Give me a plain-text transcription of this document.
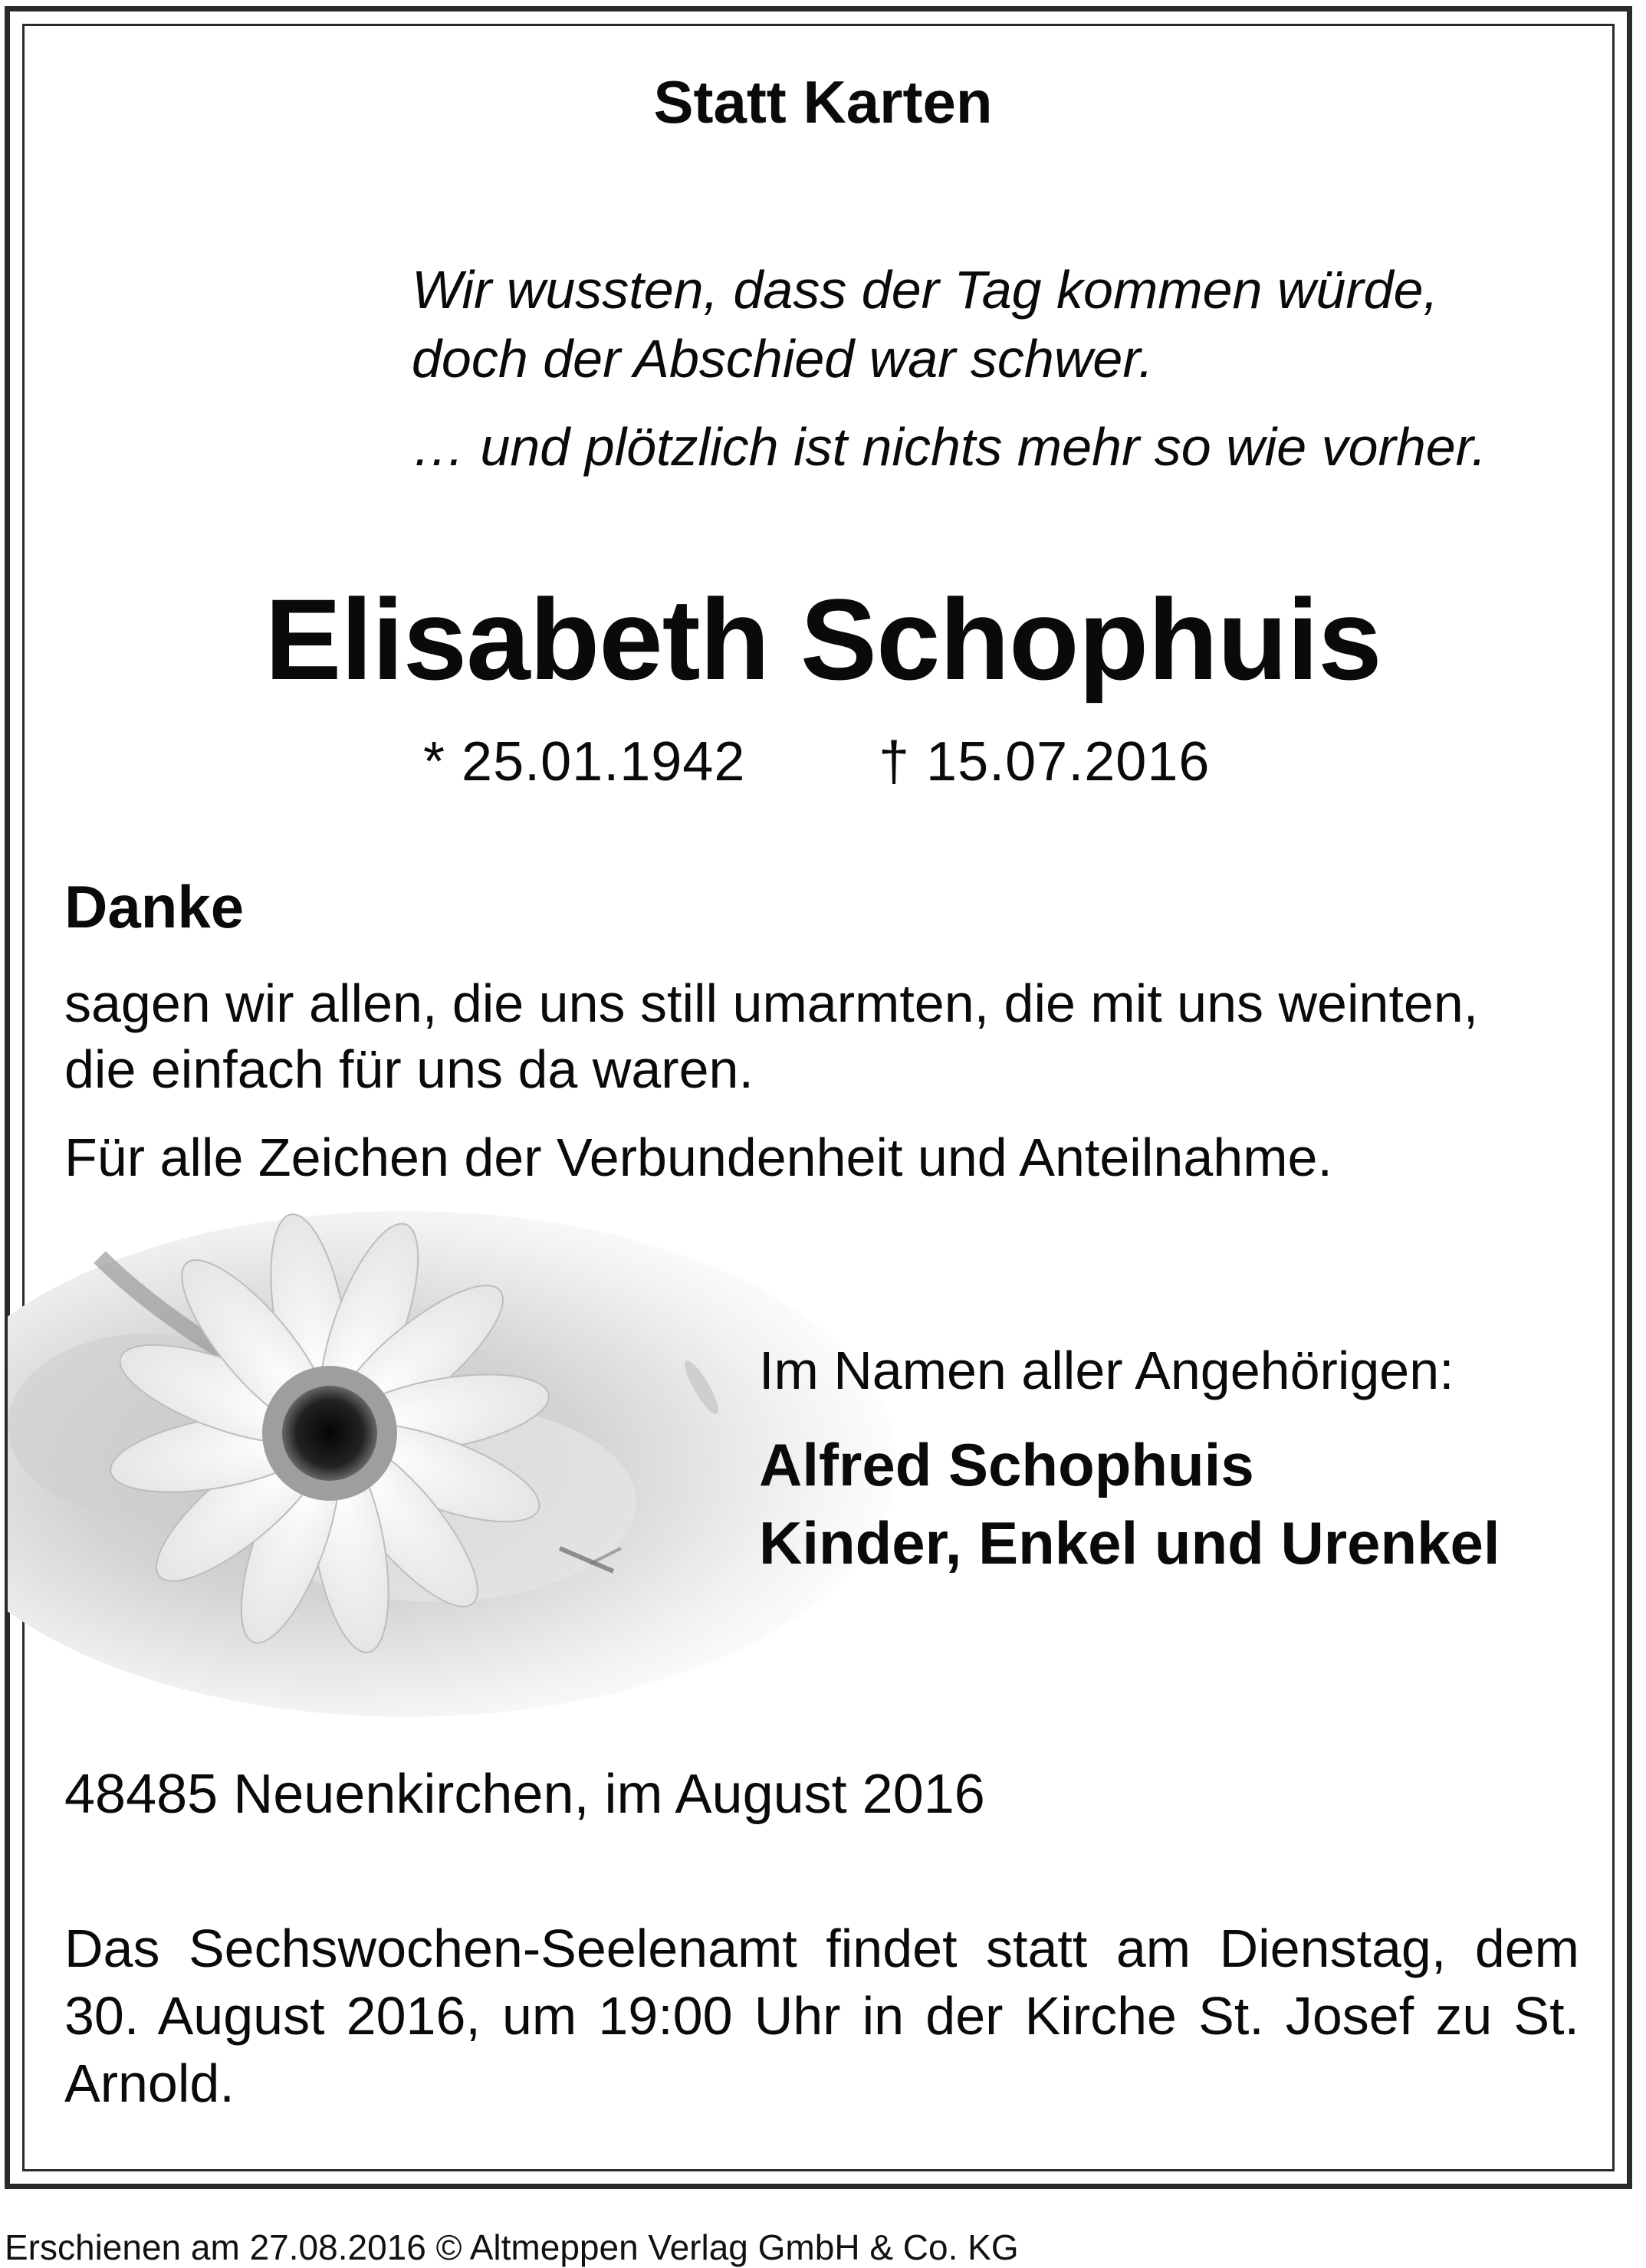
Statt Karten
Wir wussten, dass der Tag kommen würde,
doch der Abschied war schwer.
… und plötzlich ist nichts mehr so wie vorher.
Elisabeth Schophuis
* 25.01.1942 † 15.07.2016
Danke
sagen wir allen, die uns still umarmten, die mit uns weinten,
die einfach für uns da waren.
Für alle Zeichen der Verbundenheit und Anteilnahme.
Im Namen aller Angehörigen:
Alfred Schophuis
Kinder, Enkel und Urenkel
48485 Neuenkirchen, im August 2016
Das Sechswochen-Seelenamt findet statt am Dienstag, dem 30. August 2016, um 19:00 Uhr in der Kirche St. Josef zu St. Arnold.
Erschienen am 27.08.2016 © Altmeppen Verlag GmbH & Co. KG
